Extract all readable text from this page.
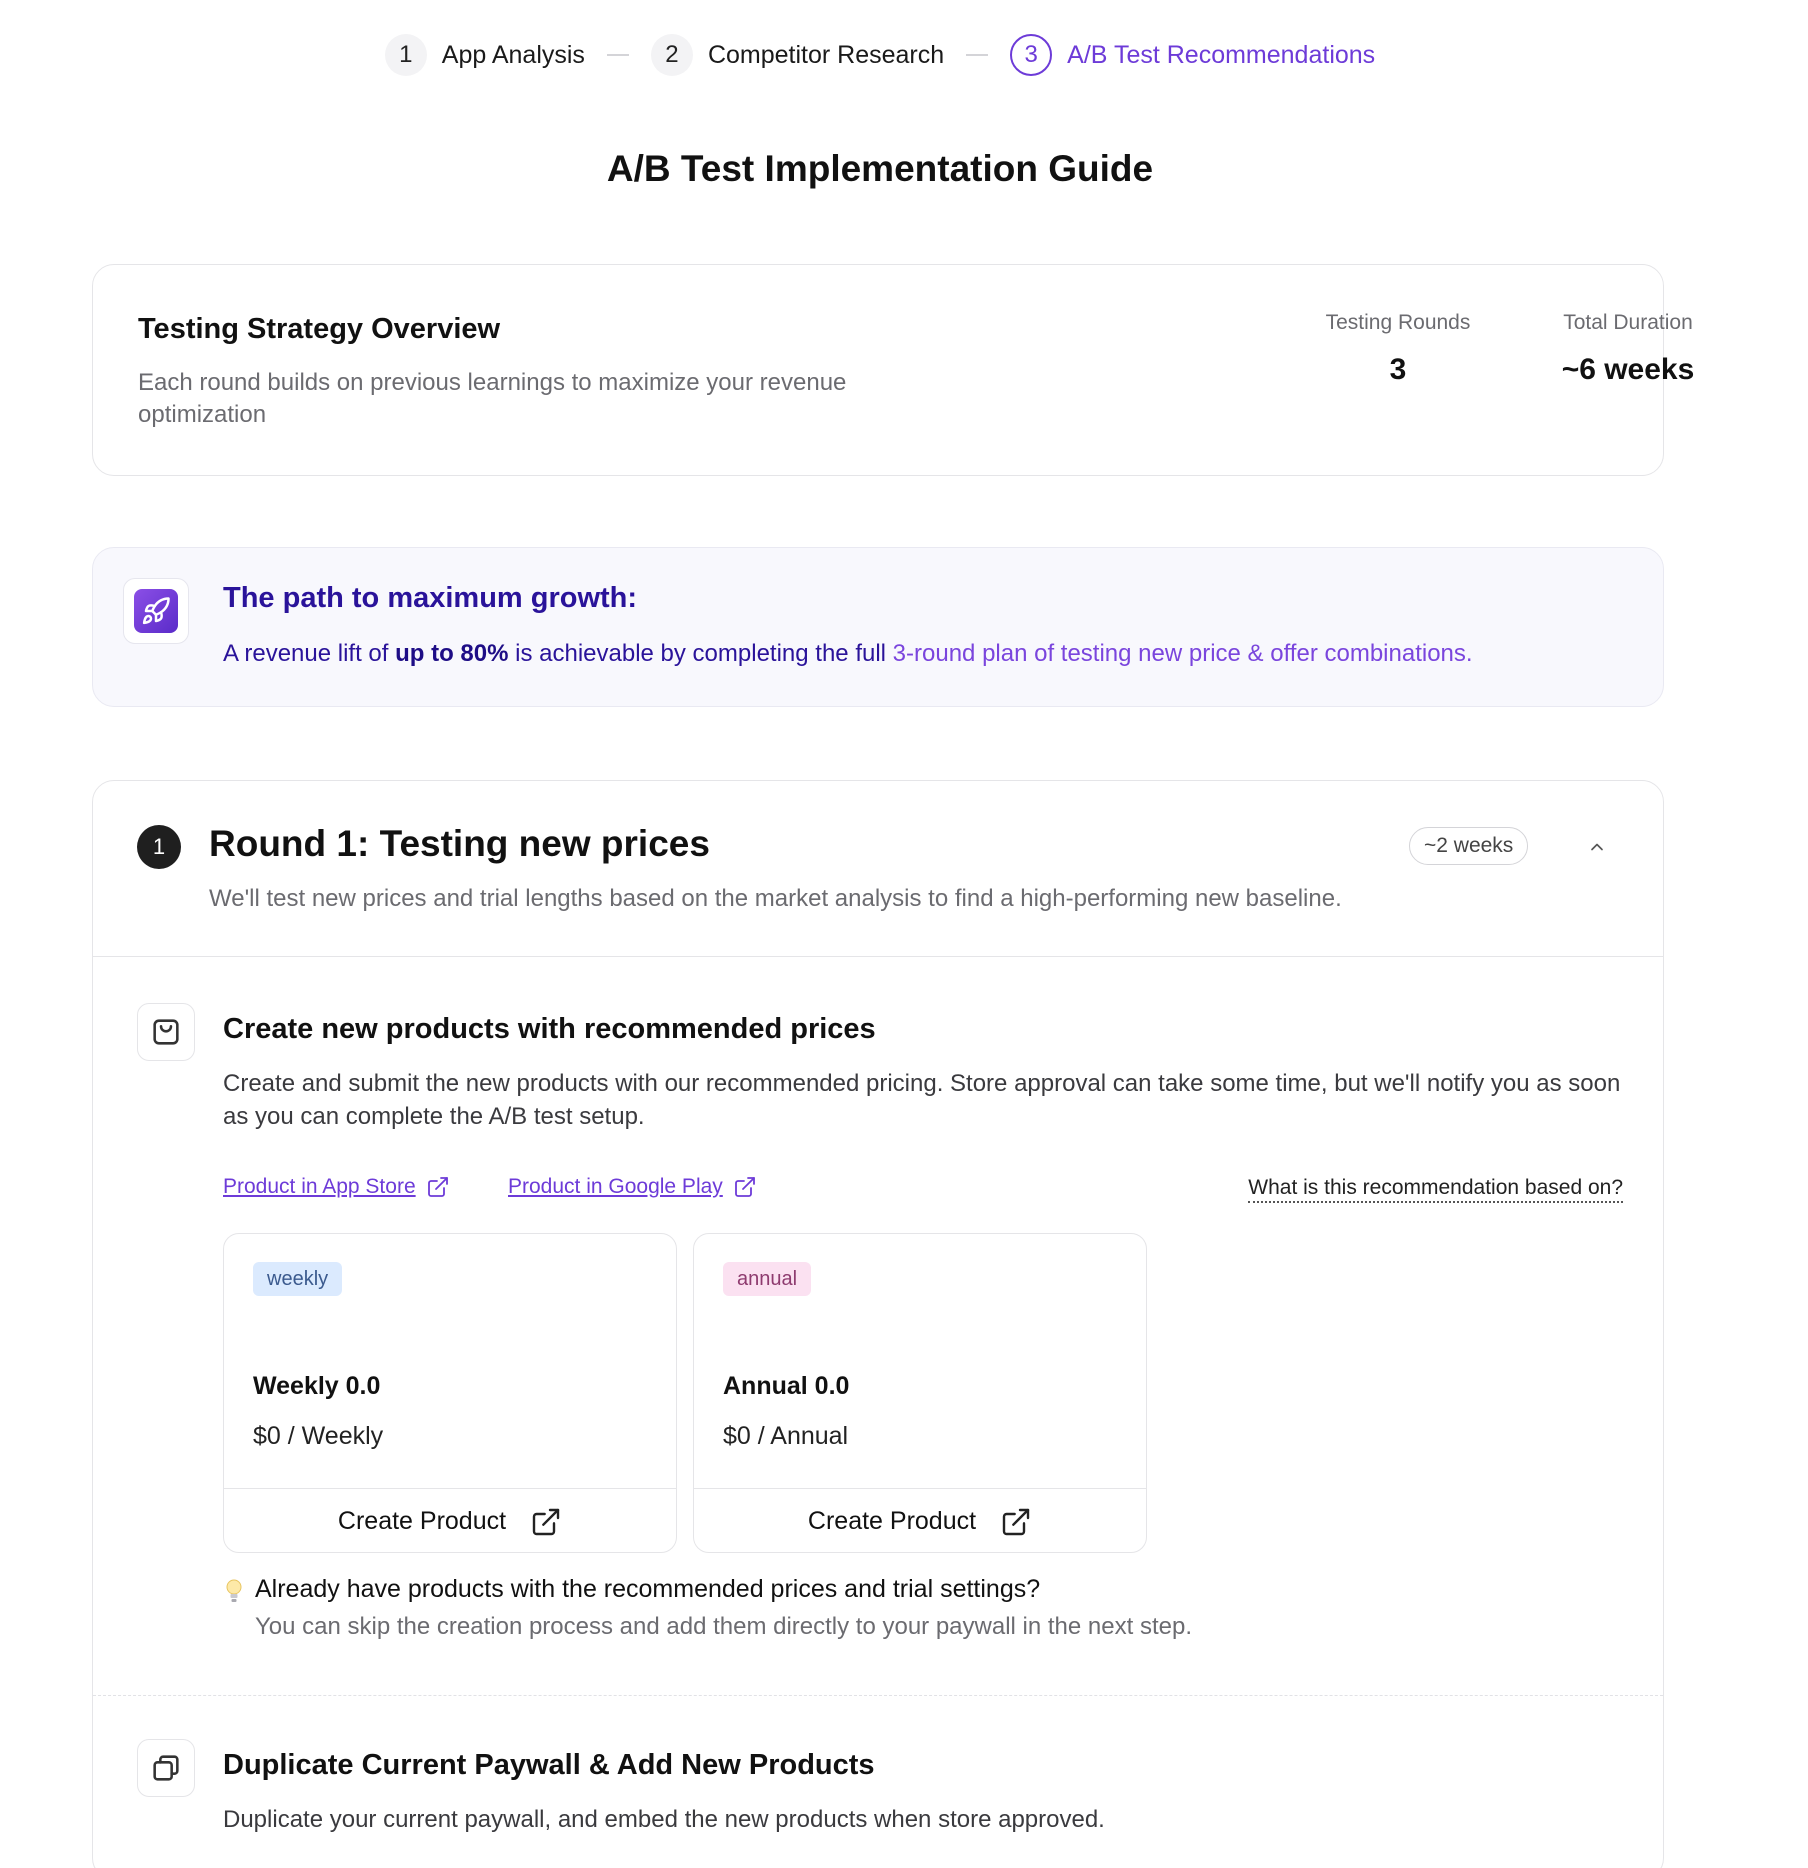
1	App Analysis	2	Competitor Research	3	A/B Test Recommendations
A/B Test Implementation Guide
Testing Strategy Overview

Each round builds on previous learnings to maximize your revenue optimization

Testing Rounds
3
Total Duration
~6 weeks
The path to maximum growth:
A revenue lift of up to 80% is achievable by completing the full 3-round plan of testing new price & offer combinations.
1	Round 1: Testing new prices
We'll test new prices and trial lengths based on the market analysis to find a high-performing new baseline.
~2 weeks
Create new products with recommended prices
Create and submit the new products with our recommended pricing. Store approval can take some time, but we'll notify you as soon as you can complete the A/B test setup.
Product in App Store	Product in Google Play	What is this recommendation based on?
weekly
Weekly 0.0
$0 / Weekly
Create Product
annual
Annual 0.0
$0 / Annual
Create Product
Already have products with the recommended prices and trial settings?
You can skip the creation process and add them directly to your paywall in the next step.
Duplicate Current Paywall & Add New Products
Duplicate your current paywall, and embed the new products when store approved.
